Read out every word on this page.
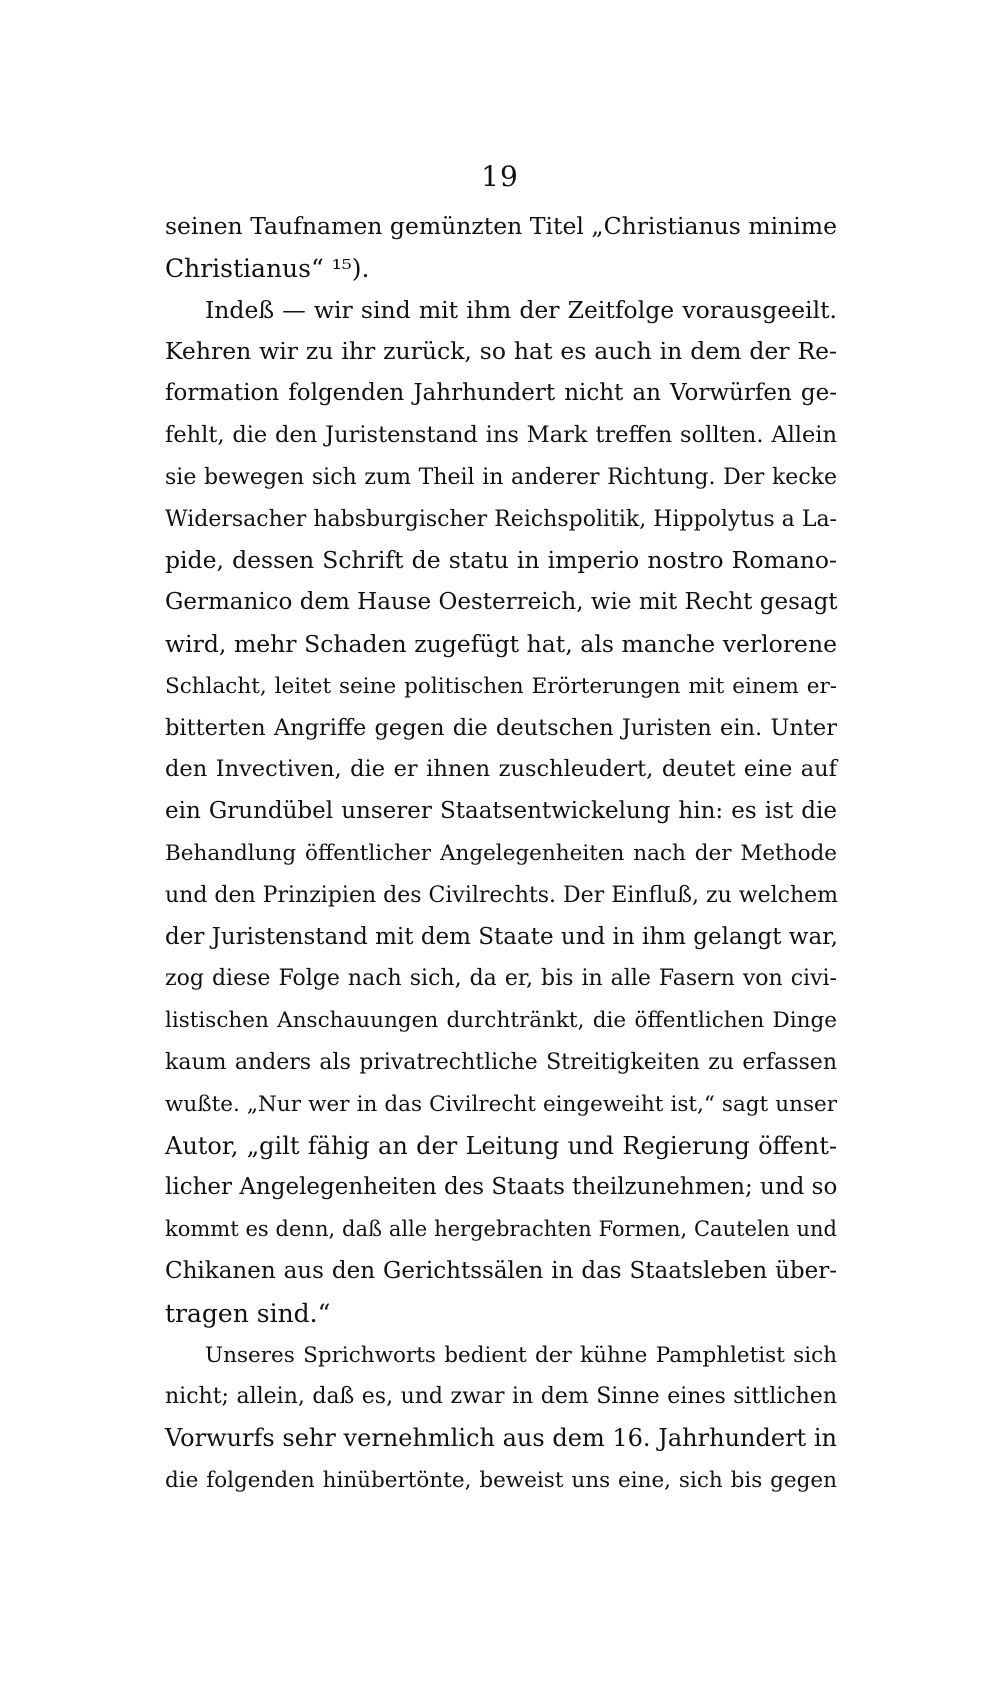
19
seinen Taufnamen gemünzten Titel „Christianus minime
Christianus“ ¹⁵).
Indeß — wir sind mit ihm der Zeitfolge vorausgeeilt.
Kehren wir zu ihr zurück, so hat es auch in dem der Re-
formation folgenden Jahrhundert nicht an Vorwürfen ge-
fehlt, die den Juristenstand ins Mark treffen sollten. Allein
sie bewegen sich zum Theil in anderer Richtung. Der kecke
Widersacher habsburgischer Reichspolitik, Hippolytus a La-
pide, dessen Schrift de statu in imperio nostro Romano-
Germanico dem Hause Oesterreich, wie mit Recht gesagt
wird, mehr Schaden zugefügt hat, als manche verlorene
Schlacht, leitet seine politischen Erörterungen mit einem er-
bitterten Angriffe gegen die deutschen Juristen ein. Unter
den Invectiven, die er ihnen zuschleudert, deutet eine auf
ein Grundübel unserer Staatsentwickelung hin: es ist die
Behandlung öffentlicher Angelegenheiten nach der Methode
und den Prinzipien des Civilrechts. Der Einfluß, zu welchem
der Juristenstand mit dem Staate und in ihm gelangt war,
zog diese Folge nach sich, da er, bis in alle Fasern von civi-
listischen Anschauungen durchtränkt, die öffentlichen Dinge
kaum anders als privatrechtliche Streitigkeiten zu erfassen
wußte. „Nur wer in das Civilrecht eingeweiht ist,“ sagt unser
Autor, „gilt fähig an der Leitung und Regierung öffent-
licher Angelegenheiten des Staats theilzunehmen; und so
kommt es denn, daß alle hergebrachten Formen, Cautelen und
Chikanen aus den Gerichtssälen in das Staatsleben über-
tragen sind.“
Unseres Sprichworts bedient der kühne Pamphletist sich
nicht; allein, daß es, und zwar in dem Sinne eines sittlichen
Vorwurfs sehr vernehmlich aus dem 16. Jahrhundert in
die folgenden hinübertönte, beweist uns eine, sich bis gegen
